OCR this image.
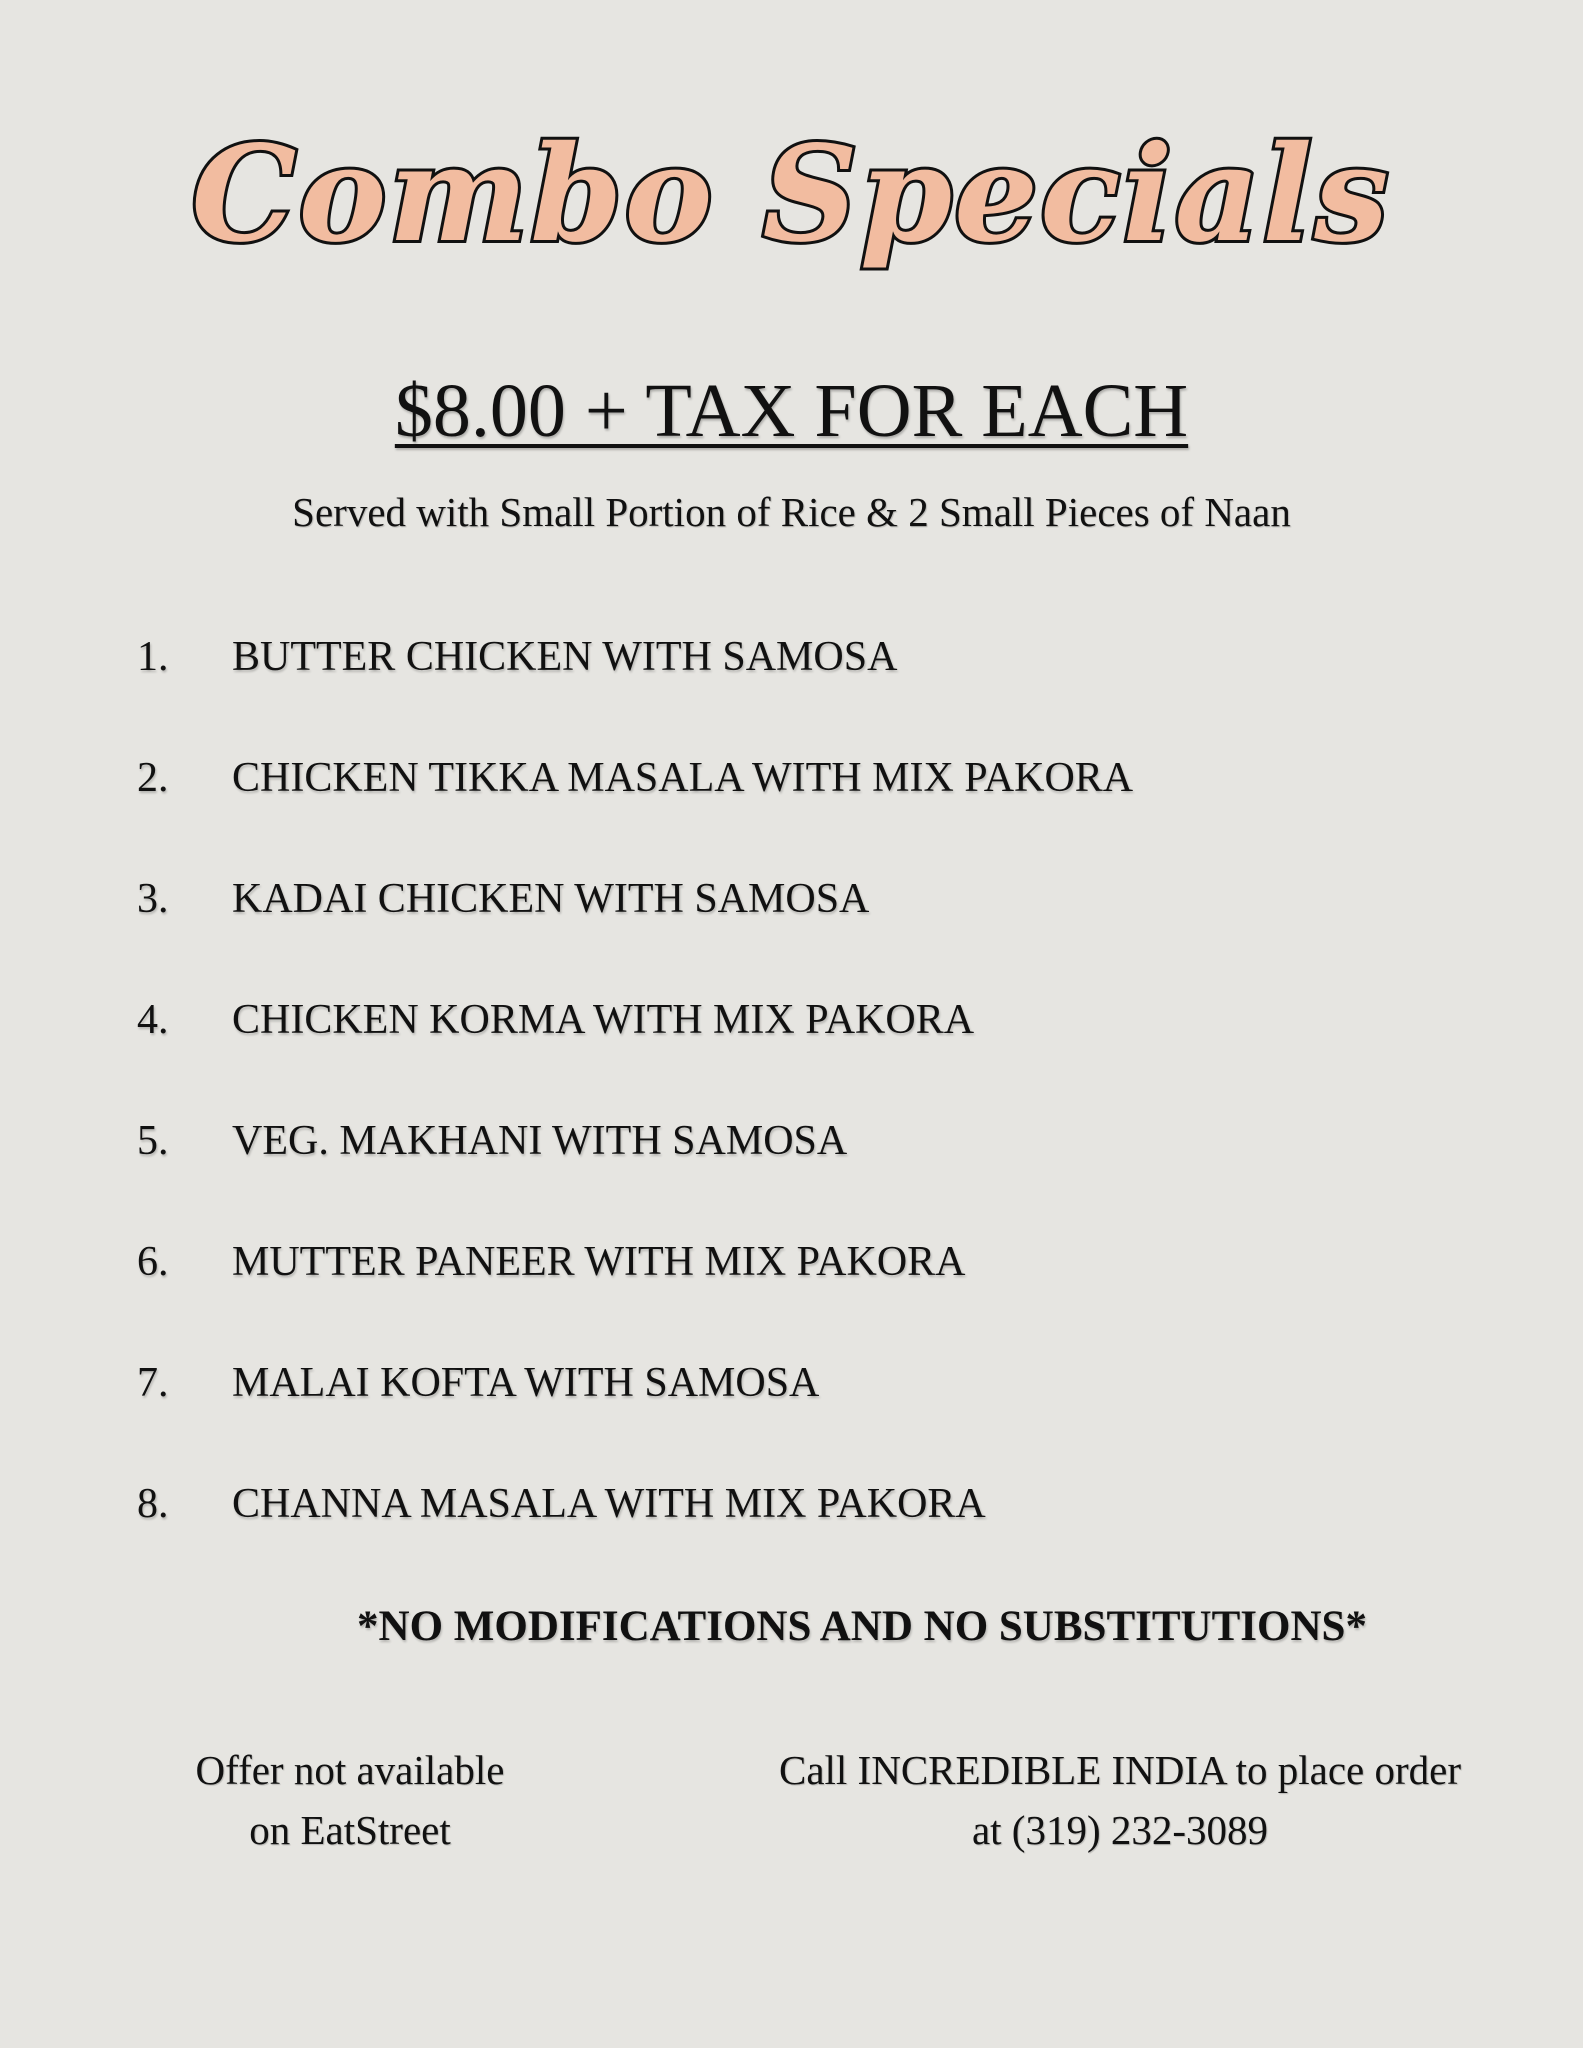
Combo Specials
$8.00 + TAX FOR EACH
Served with Small Portion of Rice & 2 Small Pieces of Naan
1. BUTTER CHICKEN WITH SAMOSA
2. CHICKEN TIKKA MASALA WITH MIX PAKORA
3. KADAI CHICKEN WITH SAMOSA
4. CHICKEN KORMA WITH MIX PAKORA
5. VEG. MAKHANI WITH SAMOSA
6. MUTTER PANEER WITH MIX PAKORA
7. MALAI KOFTA WITH SAMOSA
8. CHANNA MASALA WITH MIX PAKORA
*NO MODIFICATIONS AND NO SUBSTITUTIONS*
Offer not available
on EatStreet
Call INCREDIBLE INDIA to place order
at (319) 232-3089
